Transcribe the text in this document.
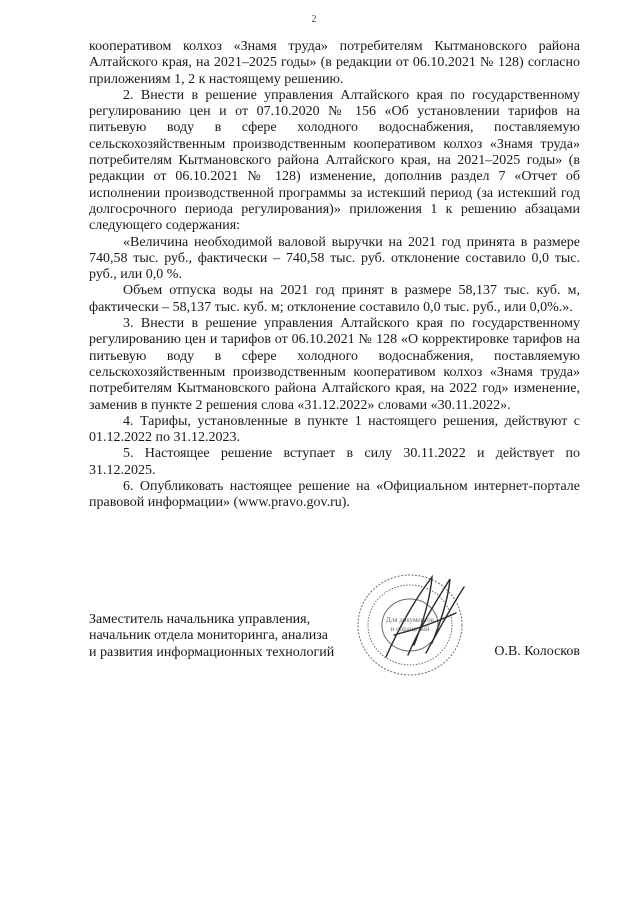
2

кооперативом колхоз «Знамя труда» потребителям Кытмановского района Алтайского края, на 2021–2025 годы» (в редакции от 06.10.2021 № 128) согласно приложениям 1, 2 к настоящему решению.

2. Внести в решение управления Алтайского края по государственному регулированию цен и от 07.10.2020 № 156 «Об установлении тарифов на питьевую воду в сфере холодного водоснабжения, поставляемую сельскохозяйственным производственным кооперативом колхоз «Знамя труда» потребителям Кытмановского района Алтайского края, на 2021–2025 годы» (в редакции от 06.10.2021 № 128) изменение, дополнив раздел 7 «Отчет об исполнении производственной программы за истекший период (за истекший год долгосрочного периода регулирования)» приложения 1 к решению абзацами следующего содержания:

«Величина необходимой валовой выручки на 2021 год принята в размере 740,58 тыс. руб., фактически – 740,58 тыс. руб. отклонение составило 0,0 тыс. руб., или 0,0 %.

Объем отпуска воды на 2021 год принят в размере 58,137 тыс. куб. м, фактически – 58,137 тыс. куб. м; отклонение составило 0,0 тыс. руб., или 0,0%.».

3. Внести в решение управления Алтайского края по государственному регулированию цен и тарифов от 06.10.2021 № 128 «О корректировке тарифов на питьевую воду в сфере холодного водоснабжения, поставляемую сельскохозяйственным производственным кооперативом колхоз «Знамя труда» потребителям Кытмановского района Алтайского края, на 2022 год» изменение, заменив в пункте 2 решения слова «31.12.2022» словами «30.11.2022».

4. Тарифы, установленные в пункте 1 настоящего решения, действуют с 01.12.2022 по 31.12.2023.

5. Настоящее решение вступает в силу 30.11.2022 и действует по 31.12.2025.

6. Опубликовать настоящее решение на «Официальном интернет-портале правовой информации» (www.pravo.gov.ru).

Для документов
и обращений
Заместитель начальника управления,
начальник отдела мониторинга, анализа
и развития информационных технологий	О.В. Колосков
